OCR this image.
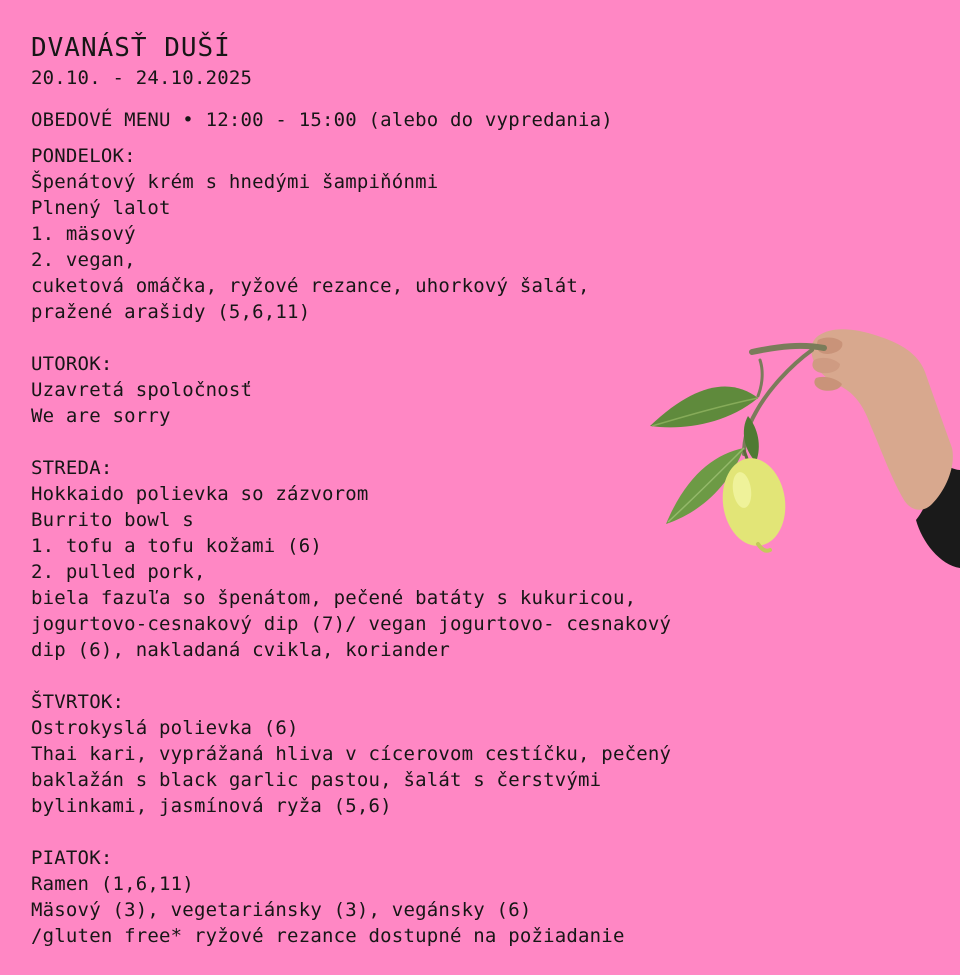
DVANÁSŤ DUŠÍ
20.10. - 24.10.2025
OBEDOVÉ MENU • 12:00 - 15:00 (alebo do vypredania)
PONDELOK:
Špenátový krém s hnedými šampiňónmi
Plnený lalot
1. mäsový
2. vegan,
cuketová omáčka, ryžové rezance, uhorkový šalát,
pražené arašidy (5,6,11)
UTOROK:
Uzavretá spoločnosť
We are sorry
STREDA:
Hokkaido polievka so zázvorom
Burrito bowl s
1. tofu a tofu kožami (6)
2. pulled pork,
biela fazuľa so špenátom, pečené batáty s kukuricou,
jogurtovo-cesnakový dip (7)/ vegan jogurtovo- cesnakový
dip (6), nakladaná cvikla, koriander
ŠTVRTOK:
Ostrokyslá polievka (6)
Thai kari, vyprážaná hliva v cícerovom cestíčku, pečený
baklažán s black garlic pastou, šalát s čerstvými
bylinkami, jasmínová ryža (5,6)
PIATOK:
Ramen (1,6,11)
Mäsový (3), vegetariánsky (3), vegánsky (6)
/gluten free* ryžové rezance dostupné na požiadanie
